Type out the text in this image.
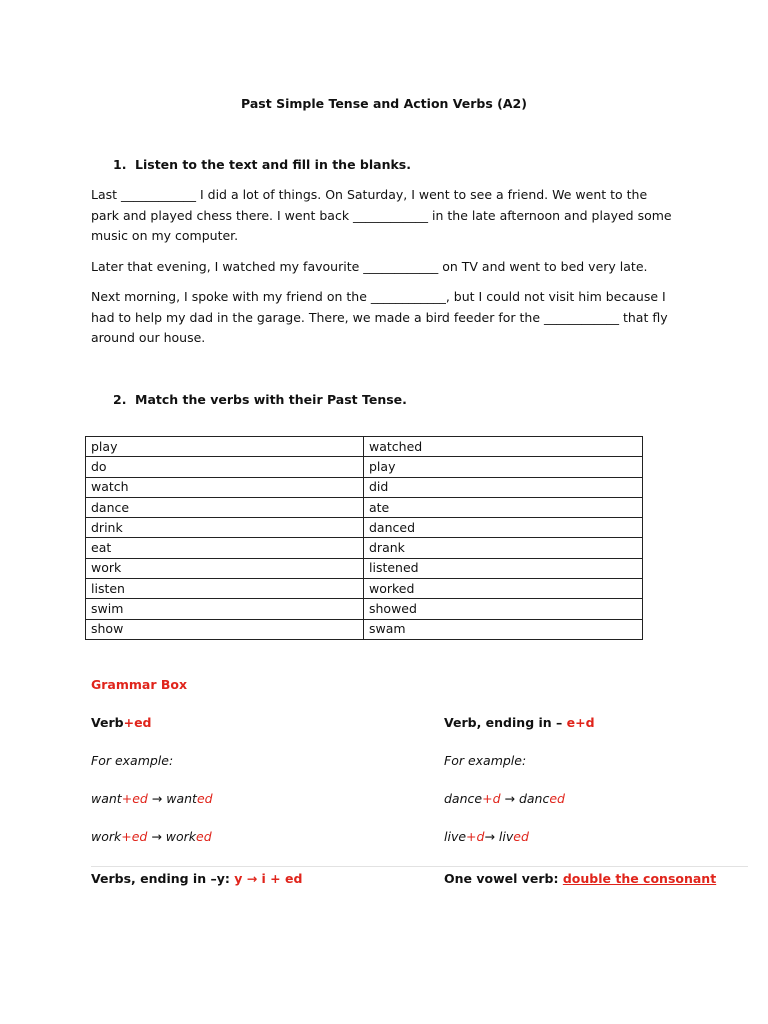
Past Simple Tense and Action Verbs (A2)
1. Listen to the text and fill in the blanks.
Last ____________ I did a lot of things. On Saturday, I went to see a friend. We went to the
park and played chess there. I went back ____________ in the late afternoon and played some
music on my computer.
Later that evening, I watched my favourite ____________ on TV and went to bed very late.
Next morning, I spoke with my friend on the ____________, but I could not visit him because I
had to help my dad in the garage. There, we made a bird feeder for the ____________ that fly
around our house.
2. Match the verbs with their Past Tense.
play	watched
do	play
watch	did
dance	ate
drink	danced
eat	drank
work	listened
listen	worked
swim	showed
show	swam
Grammar Box
Verb+ed	Verb, ending in – e+d
For example:	For example:
want+ed → wanted	dance+d → danced
work+ed → worked	live+d→ lived
Verbs, ending in –y: y → i + ed	One vowel verb: double the consonant
